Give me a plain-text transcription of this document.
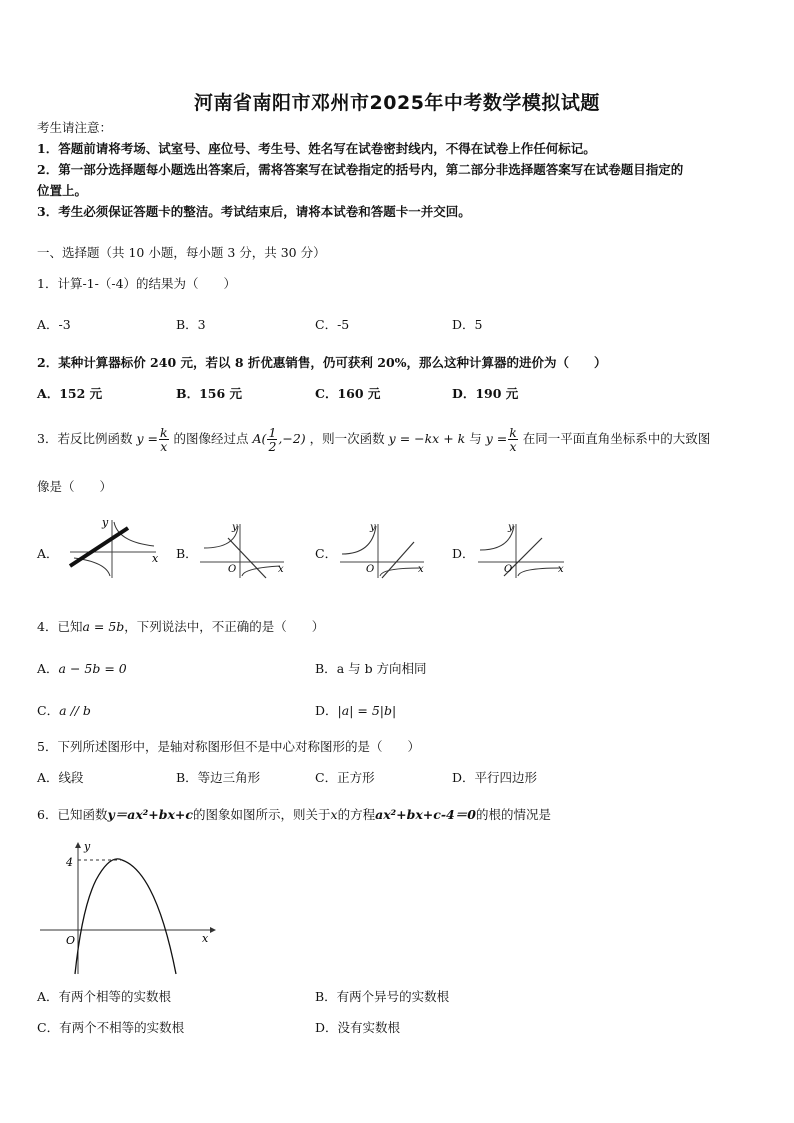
河南省南阳市邓州市2025年中考数学模拟试题
考生请注意：
1．答题前请将考场、试室号、座位号、考生号、姓名写在试卷密封线内，不得在试卷上作任何标记。
2．第一部分选择题每小题选出答案后，需将答案写在试卷指定的括号内，第二部分非选择题答案写在试卷题目指定的
位置上。
3．考生必须保证答题卡的整洁。考试结束后，请将本试卷和答题卡一并交回。
一、选择题（共 10 小题，每小题 3 分，共 30 分）
1．计算-1-（-4）的结果为（　　）
A．-3	B．3	C．-5	D．5
2．某种计算器标价 240 元，若以 8 折优惠销售，仍可获利 20%，那么这种计算器的进价为（　　）
A．152 元	B．156 元	C．160 元	D．190 元
3．若反比例函数 $y = \frac{k}{x}$ 的图像经过点 $A( \frac{1}{2} ,-2)$ ，则一次函数 y = −kx + k 与 $y = \frac{k}{x}$ 在同一平面直角坐标系中的大致图
像是（　　）
A．	x
y
B．
x
y
O
C．
x
y
O
D．
x
y
O
4．已知a = 5b，下列说法中，不正确的是（　　）
A．a − 5b = 0	B．a 与 b 方向相同
C．a // b	D．|a| = 5|b|
5．下列所述图形中，是轴对称图形但不是中心对称图形的是（　　）
A．线段	B．等边三角形	C．正方形	D．平行四边形
6．已知函数y＝ax²+bx+c的图象如图所示，则关于x的方程ax²+bx+c-4＝0的根的情况是
4
y
x
O
A．有两个相等的实数根	B．有两个异号的实数根
C．有两个不相等的实数根	D．没有实数根
